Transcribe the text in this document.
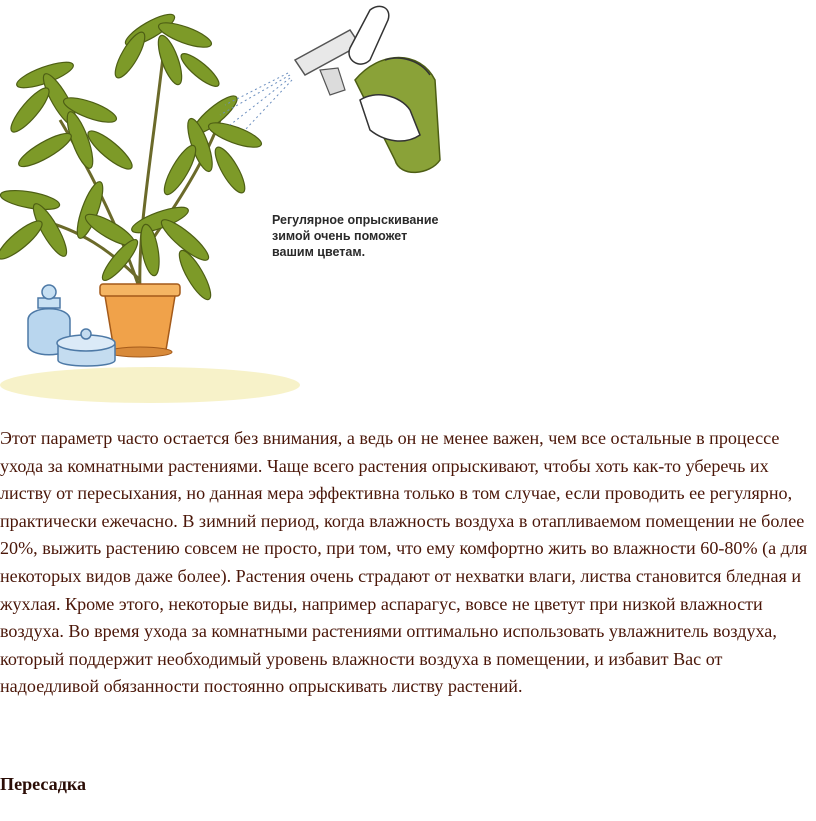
Регулярное опрыскивание
зимой очень поможет
вашим цветам.

Этот параметр часто остается без внимания, а ведь он не менее важен, чем все остальные в процессе ухода за комнатными растениями. Чаще всего растения опрыскивают, чтобы хоть как-то уберечь их листву от пересыхания, но данная мера эффективна только в том случае, если проводить ее регулярно, практически ежечасно. В зимний период, когда влажность воздуха в отапливаемом помещении не более 20%, выжить растению совсем не просто, при том, что ему комфортно жить во влажности 60-80% (а для некоторых видов даже более). Растения очень страдают от нехватки влаги, листва становится бледная и жухлая. Кроме этого, некоторые виды, например аспарагус, вовсе не цветут при низкой влажности воздуха. Во время ухода за комнатными растениями оптимально использовать увлажнитель воздуха, который поддержит необходимый уровень влажности воздуха в помещении, и избавит Вас от надоедливой обязанности постоянно опрыскивать листву растений.

Пересадка
